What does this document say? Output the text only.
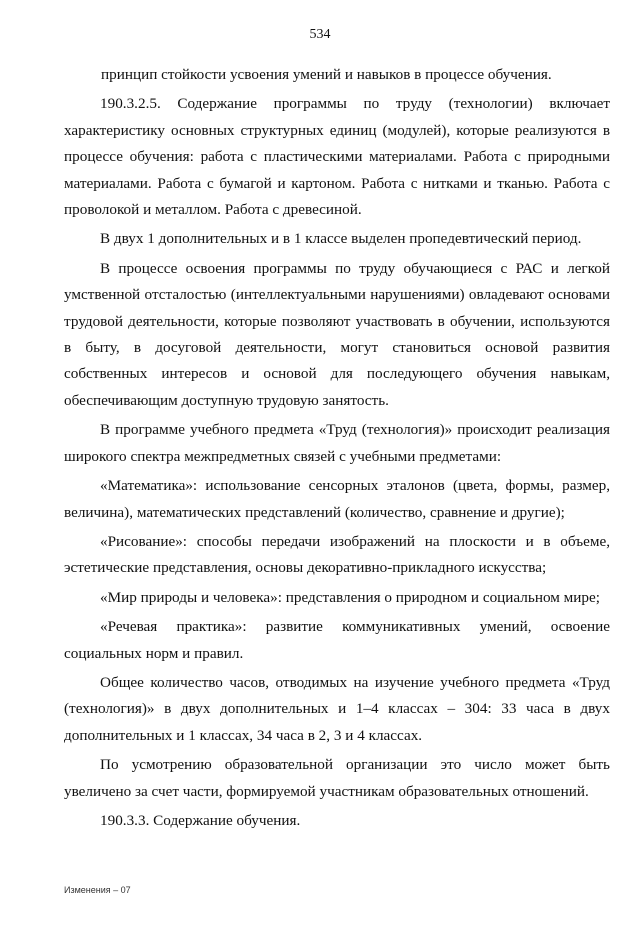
534

принцип стойкости усвоения умений и навыков в процессе обучения.

190.3.2.5. Содержание программы по труду (технологии) включает характеристику основных структурных единиц (модулей), которые реализуются в процессе обучения: работа с пластическими материалами. Работа с природными материалами. Работа с бумагой и картоном. Работа с нитками и тканью. Работа с проволокой и металлом. Работа с древесиной.

В двух 1 дополнительных и в 1 классе выделен пропедевтический период.

В процессе освоения программы по труду обучающиеся с РАС и легкой умственной отсталостью (интеллектуальными нарушениями) овладевают основами трудовой деятельности, которые позволяют участвовать в обучении, используются в быту, в досуговой деятельности, могут становиться основой развития собственных интересов и основой для последующего обучения навыкам, обеспечивающим доступную трудовую занятость.

В программе учебного предмета «Труд (технология)» происходит реализация широкого спектра межпредметных связей с учебными предметами:

«Математика»: использование сенсорных эталонов (цвета, формы, размер, величина), математических представлений (количество, сравнение и другие);

«Рисование»: способы передачи изображений на плоскости и в объеме, эстетические представления, основы декоративно-прикладного искусства;

«Мир природы и человека»: представления о природном и социальном мире;

«Речевая практика»: развитие коммуникативных умений, освоение социальных норм и правил.

Общее количество часов, отводимых на изучение учебного предмета «Труд (технология)» в двух дополнительных и 1–4 классах – 304: 33 часа в двух дополнительных и 1 классах, 34 часа в 2, 3 и 4 классах.

По усмотрению образовательной организации это число может быть увеличено за счет части, формируемой участникам образовательных отношений.

190.3.3. Содержание обучения.

Изменения – 07
